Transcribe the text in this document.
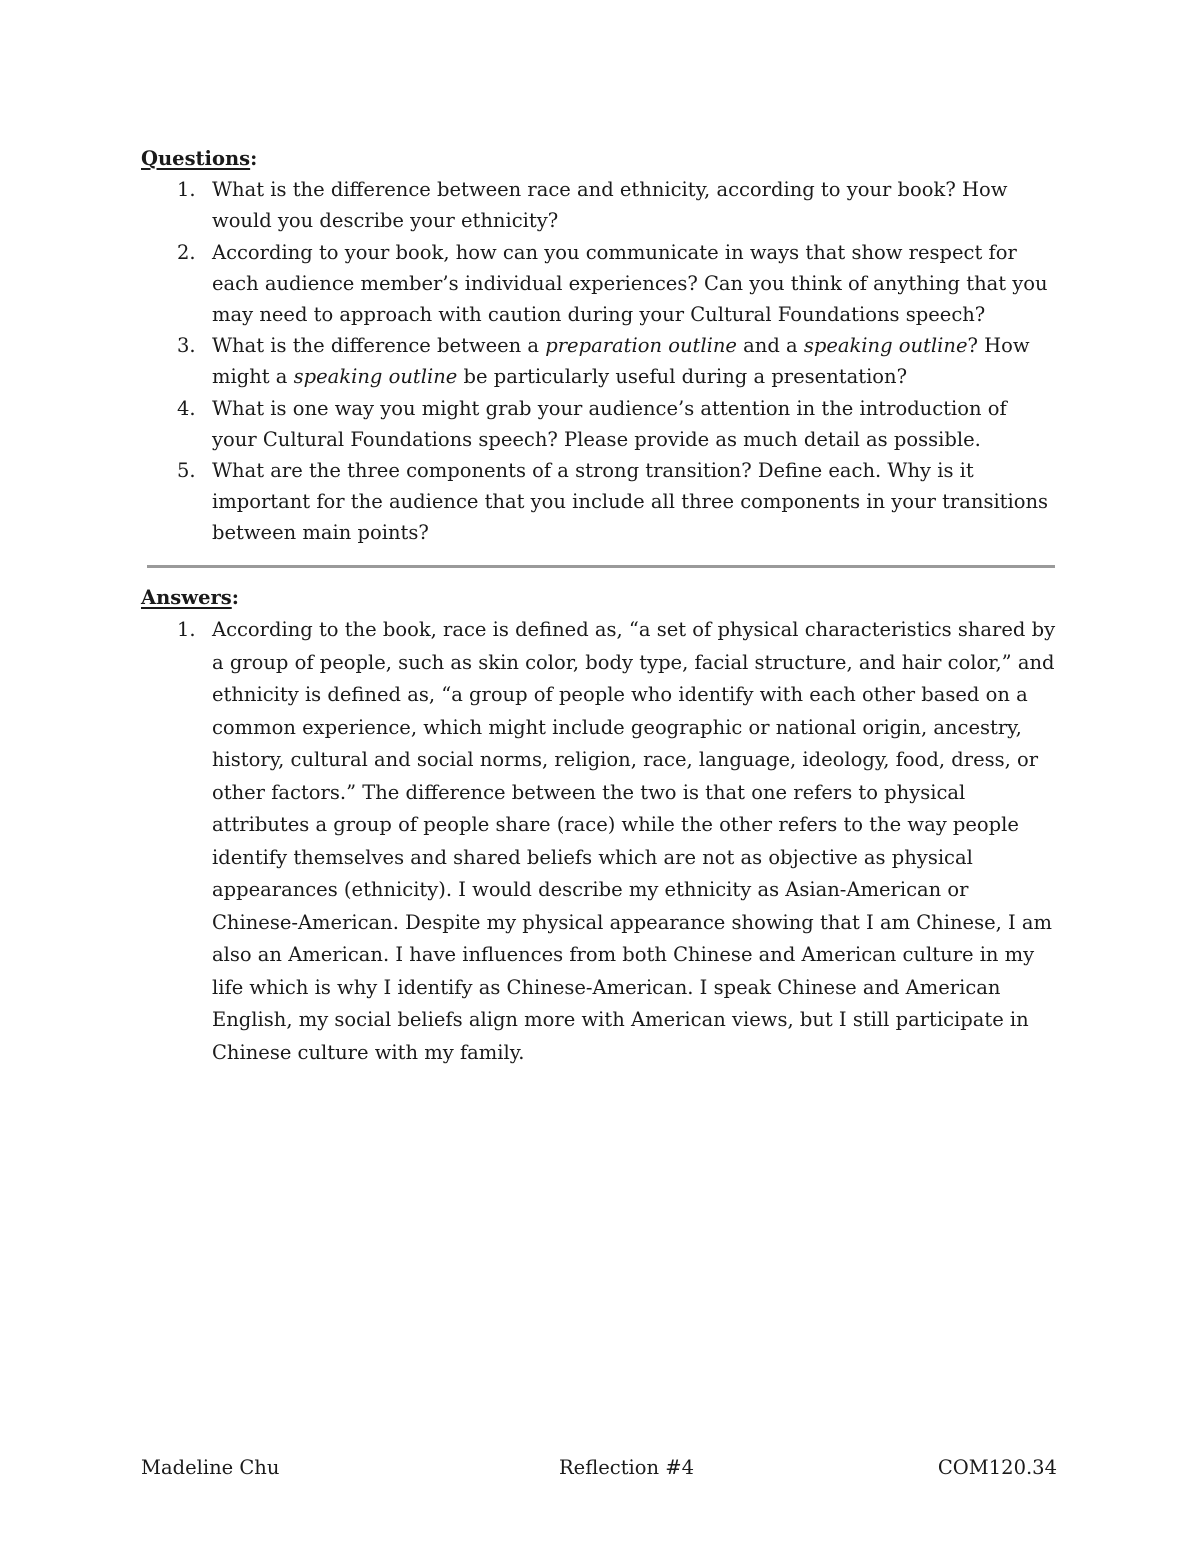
Questions:
1. What is the difference between race and ethnicity, according to your book? How would you describe your ethnicity?
2. According to your book, how can you communicate in ways that show respect for each audience member’s individual experiences? Can you think of anything that you may need to approach with caution during your Cultural Foundations speech?
3. What is the difference between a preparation outline and a speaking outline? How might a speaking outline be particularly useful during a presentation?
4. What is one way you might grab your audience’s attention in the introduction of your Cultural Foundations speech? Please provide as much detail as possible.
5. What are the three components of a strong transition? Define each. Why is it important for the audience that you include all three components in your transitions between main points?
Answers:
1. According to the book, race is defined as, “a set of physical characteristics shared by a group of people, such as skin color, body type, facial structure, and hair color,” and ethnicity is defined as, “a group of people who identify with each other based on a common experience, which might include geographic or national origin, ancestry, history, cultural and social norms, religion, race, language, ideology, food, dress, or other factors.” The difference between the two is that one refers to physical attributes a group of people share (race) while the other refers to the way people identify themselves and shared beliefs which are not as objective as physical appearances (ethnicity). I would describe my ethnicity as Asian-American or Chinese-American. Despite my physical appearance showing that I am Chinese, I am also an American. I have influences from both Chinese and American culture in my life which is why I identify as Chinese-American. I speak Chinese and American English, my social beliefs align more with American views, but I still participate in Chinese culture with my family.
Madeline Chu	Reflection #4	COM120.34
